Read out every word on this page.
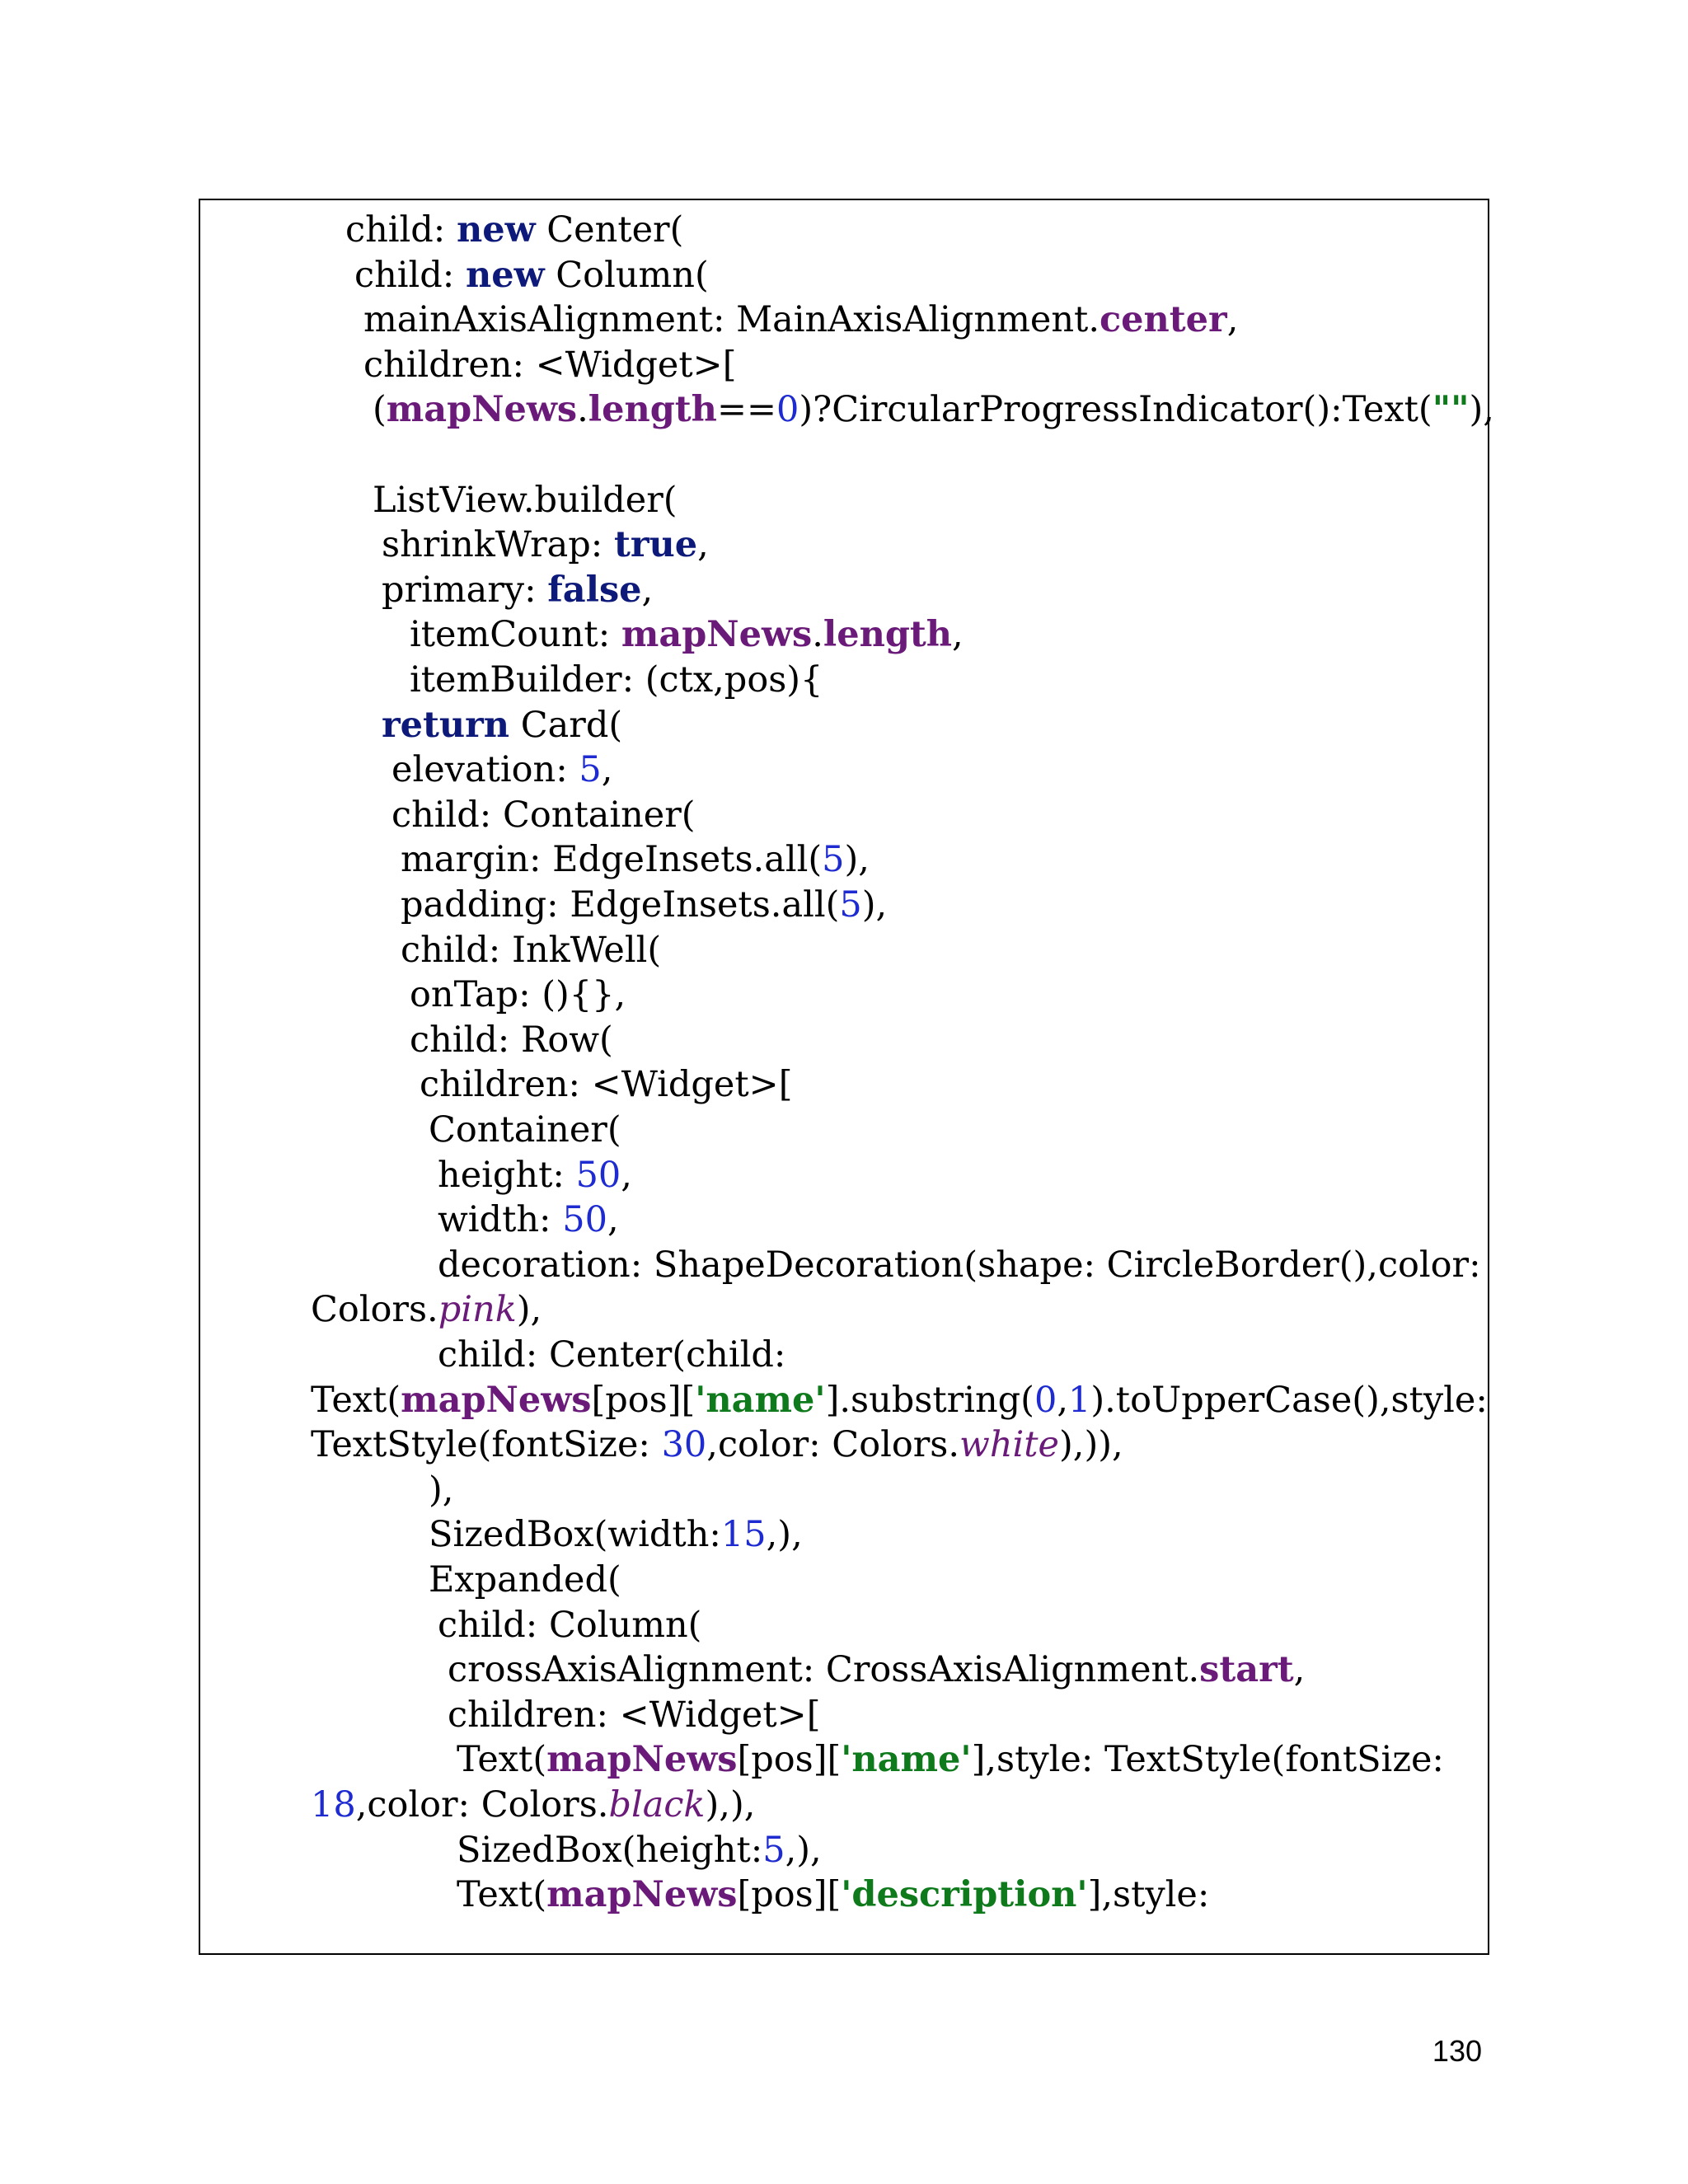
child: new Center(
child: new Column(
mainAxisAlignment: MainAxisAlignment.center,
children: <Widget>[
(mapNews.length==0)?CircularProgressIndicator():Text(""),
ListView.builder(
shrinkWrap: true,
primary: false,
itemCount: mapNews.length,
itemBuilder: (ctx,pos){
return Card(
elevation: 5,
child: Container(
margin: EdgeInsets.all(5),
padding: EdgeInsets.all(5),
child: InkWell(
onTap: (){},
child: Row(
children: <Widget>[
Container(
height: 50,
width: 50,
decoration: ShapeDecoration(shape: CircleBorder(),color:
Colors.pink),
child: Center(child:
Text(mapNews[pos]['name'].substring(0,1).toUpperCase(),style:
TextStyle(fontSize: 30,color: Colors.white),)),
),
SizedBox(width:15,),
Expanded(
child: Column(
crossAxisAlignment: CrossAxisAlignment.start,
children: <Widget>[
Text(mapNews[pos]['name'],style: TextStyle(fontSize:
18,color: Colors.black),),
SizedBox(height:5,),
Text(mapNews[pos]['description'],style:
130
